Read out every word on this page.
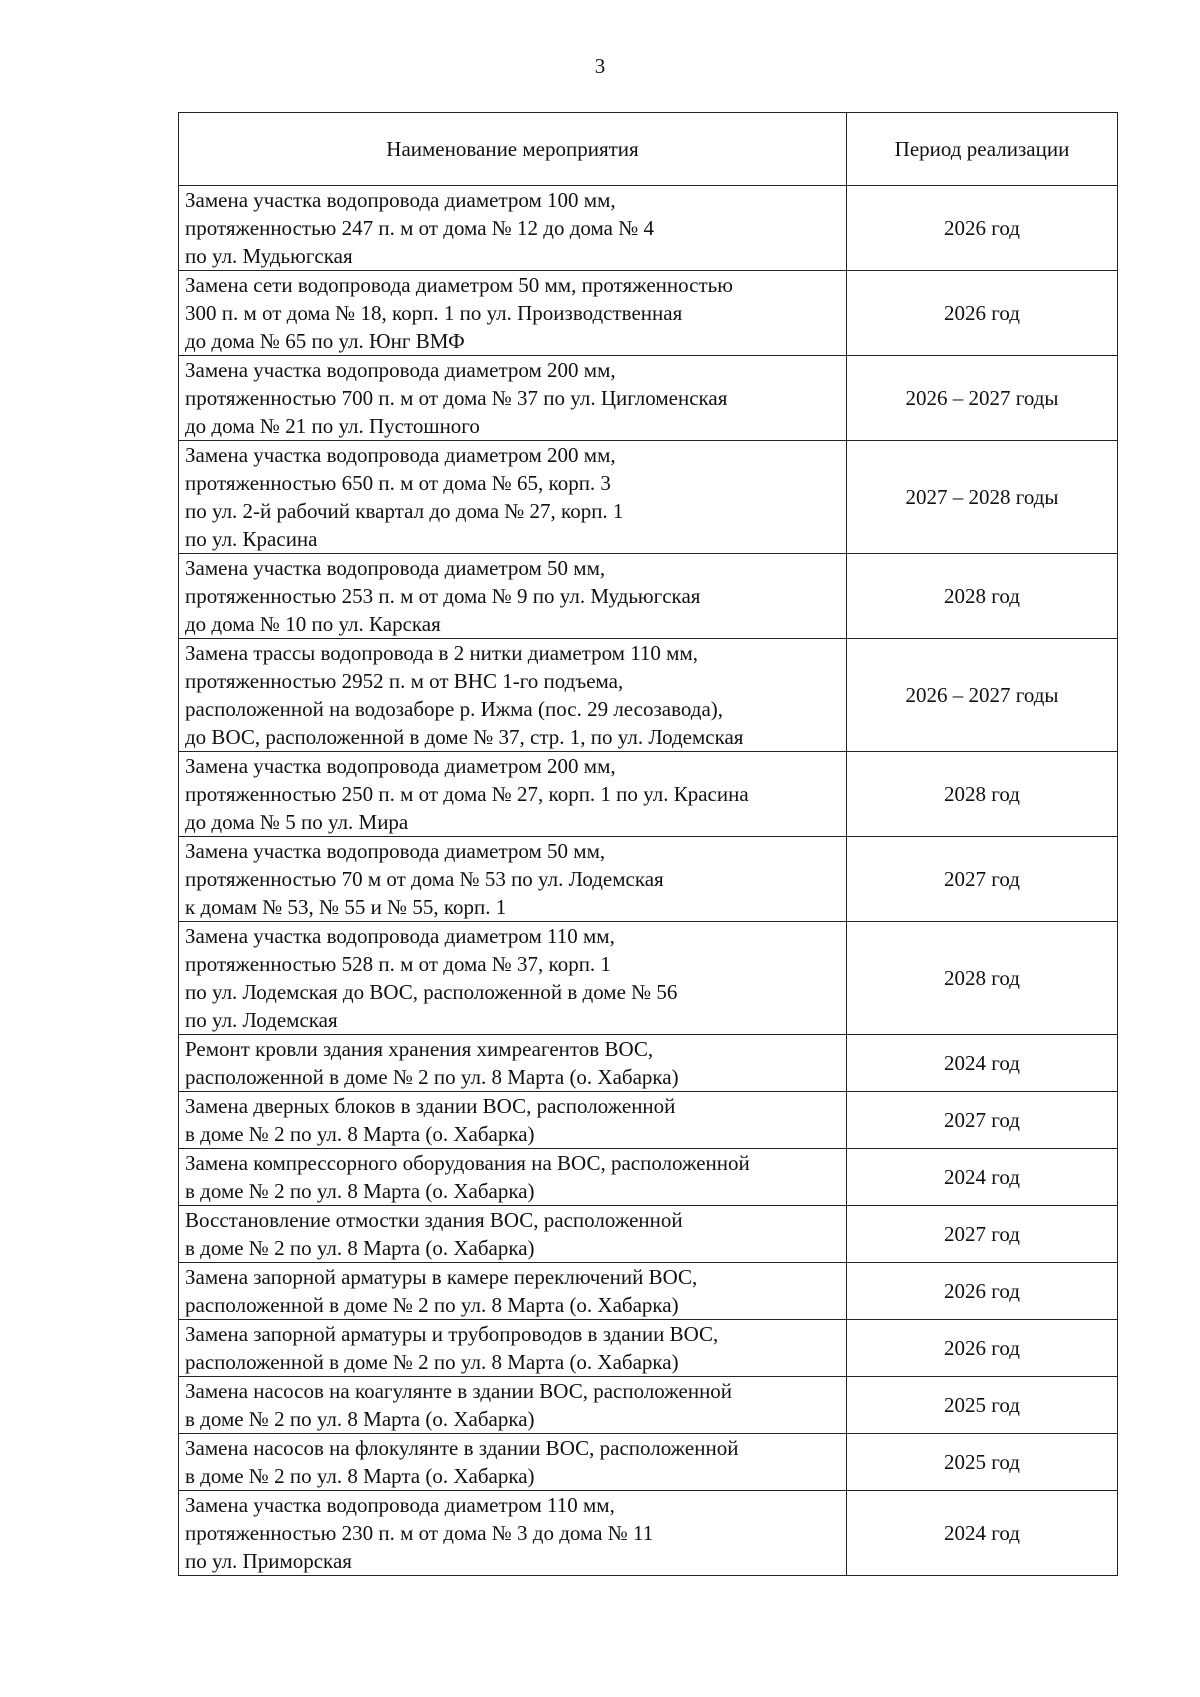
3
Наименование мероприятия	Период реализации
Замена участка водопровода диаметром 100 мм,
протяженностью 247 п. м от дома № 12 до дома № 4
по ул. Мудьюгская	2026 год
Замена сети водопровода диаметром 50 мм, протяженностью
300 п. м от дома № 18, корп. 1 по ул. Производственная
до дома № 65 по ул. Юнг ВМФ	2026 год
Замена участка водопровода диаметром 200 мм,
протяженностью 700 п. м от дома № 37 по ул. Цигломенская
до дома № 21 по ул. Пустошного	2026 – 2027 годы
Замена участка водопровода диаметром 200 мм,
протяженностью 650 п. м от дома № 65, корп. 3
по ул. 2-й рабочий квартал до дома № 27, корп. 1
по ул. Красина	2027 – 2028 годы
Замена участка водопровода диаметром 50 мм,
протяженностью 253 п. м от дома № 9 по ул. Мудьюгская
до дома № 10 по ул. Карская	2028 год
Замена трассы водопровода в 2 нитки диаметром 110 мм,
протяженностью 2952 п. м от ВНС 1-го подъема,
расположенной на водозаборе р. Ижма (пос. 29 лесозавода),
до ВОС, расположенной в доме № 37, стр. 1, по ул. Лодемская	2026 – 2027 годы
Замена участка водопровода диаметром 200 мм,
протяженностью 250 п. м от дома № 27, корп. 1 по ул. Красина
до дома № 5 по ул. Мира	2028 год
Замена участка водопровода диаметром 50 мм,
протяженностью 70 м от дома № 53 по ул. Лодемская
к домам № 53, № 55 и № 55, корп. 1	2027 год
Замена участка водопровода диаметром 110 мм,
протяженностью 528 п. м от дома № 37, корп. 1
по ул. Лодемская до ВОС, расположенной в доме № 56
по ул. Лодемская	2028 год
Ремонт кровли здания хранения химреагентов ВОС,
расположенной в доме № 2 по ул. 8 Марта (о. Хабарка)	2024 год
Замена дверных блоков в здании ВОС, расположенной
в доме № 2 по ул. 8 Марта (о. Хабарка)	2027 год
Замена компрессорного оборудования на ВОС, расположенной
в доме № 2 по ул. 8 Марта (о. Хабарка)	2024 год
Восстановление отмостки здания ВОС, расположенной
в доме № 2 по ул. 8 Марта (о. Хабарка)	2027 год
Замена запорной арматуры в камере переключений ВОС,
расположенной в доме № 2 по ул. 8 Марта (о. Хабарка)	2026 год
Замена запорной арматуры и трубопроводов в здании ВОС,
расположенной в доме № 2 по ул. 8 Марта (о. Хабарка)	2026 год
Замена насосов на коагулянте в здании ВОС, расположенной
в доме № 2 по ул. 8 Марта (о. Хабарка)	2025 год
Замена насосов на флокулянте в здании ВОС, расположенной
в доме № 2 по ул. 8 Марта (о. Хабарка)	2025 год
Замена участка водопровода диаметром 110 мм,
протяженностью 230 п. м от дома № 3 до дома № 11
по ул. Приморская	2024 год
